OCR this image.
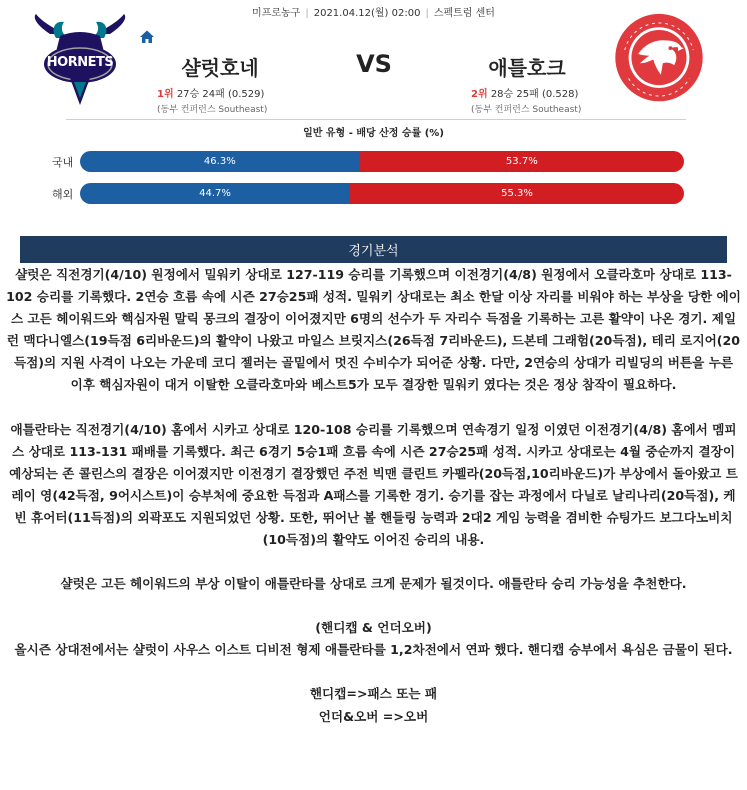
미프로농구 | 2021.04.12(월) 02:00 | 스펙트럼 센터
HORNETS	샬럿호네	VS	애틀호크
1위 27승 24패 (0.529)
(동부 컨퍼런스 Southeast)
2위 28승 25패 (0.528)
(동부 컨퍼런스 Southeast)
일반 유형 - 배당 산정 승률 (%)
국내	46.3%	53.7%
해외	44.7%	55.3%
경기분석

샬럿은 직전경기(4/10) 원정에서 밀워키 상대로 127-119 승리를 기록했으며 이전경기(4/8) 원정에서 오클라호마 상대로 113-102 승리를 기록했다. 2연승 흐름 속에 시즌 27승25패 성적. 밀워키 상대로는 최소 한달 이상 자리를 비워야 하는 부상을 당한 에이스 고든 헤이워드와 핵심자원 말릭 몽크의 결장이 이어졌지만 6명의 선수가 두 자리수 득점을 기록하는 고른 활약이 나온 경기. 제일런 맥다니엘스(19득점 6리바운드)의 활약이 나왔고 마일스 브릿지스(26득점 7리바운드), 드본테 그래험(20득점), 테리 로지어(20득점)의 지원 사격이 나오는 가운데 코디 젤러는 골밑에서 멋진 수비수가 되어준 상황. 다만, 2연승의 상대가 리빌딩의 버튼을 누른 이후 핵심자원이 대거 이탈한 오클라호마와 베스트5가 모두 결장한 밀워키 였다는 것은 정상 참작이 필요하다.

애틀란타는 직전경기(4/10) 홈에서 시카고 상대로 120-108 승리를 기록했으며 연속경기 일정 이였던 이전경기(4/8) 홈에서 멤피스 상대로 113-131 패배를 기록했다. 최근 6경기 5승1패 흐름 속에 시즌 27승25패 성적. 시카고 상대로는 4월 중순까지 결장이 예상되는 존 콜린스의 결장은 이어졌지만 이전경기 결장했던 주전 빅맨 클린트 카펠라(20득점,10리바운드)가 부상에서 돌아왔고 트레이 영(42득점, 9어시스트)이 승부처에 중요한 득점과 A패스를 기록한 경기. 승기를 잡는 과정에서 다닐로 날리나리(20득점), 케빈 휴어터(11득점)의 외곽포도 지원되었던 상황. 또한, 뛰어난 볼 핸들링 능력과 2대2 게임 능력을 겸비한 슈팅가드 보그다노비치(10득점)의 활약도 이어진 승리의 내용.

샬럿은 고든 헤이워드의 부상 이탈이 애틀란타를 상대로 크게 문제가 될것이다. 애틀란타 승리 가능성을 추천한다.

(핸디캡 & 언더오버)

올시즌 상대전에서는 샬럿이 사우스 이스트 디비전 형제 애틀란타를 1,2차전에서 연파 했다. 핸디캡 승부에서 욕심은 금물이 된다.

핸디캡=>패스 또는 패

언더&오버 =>오버
